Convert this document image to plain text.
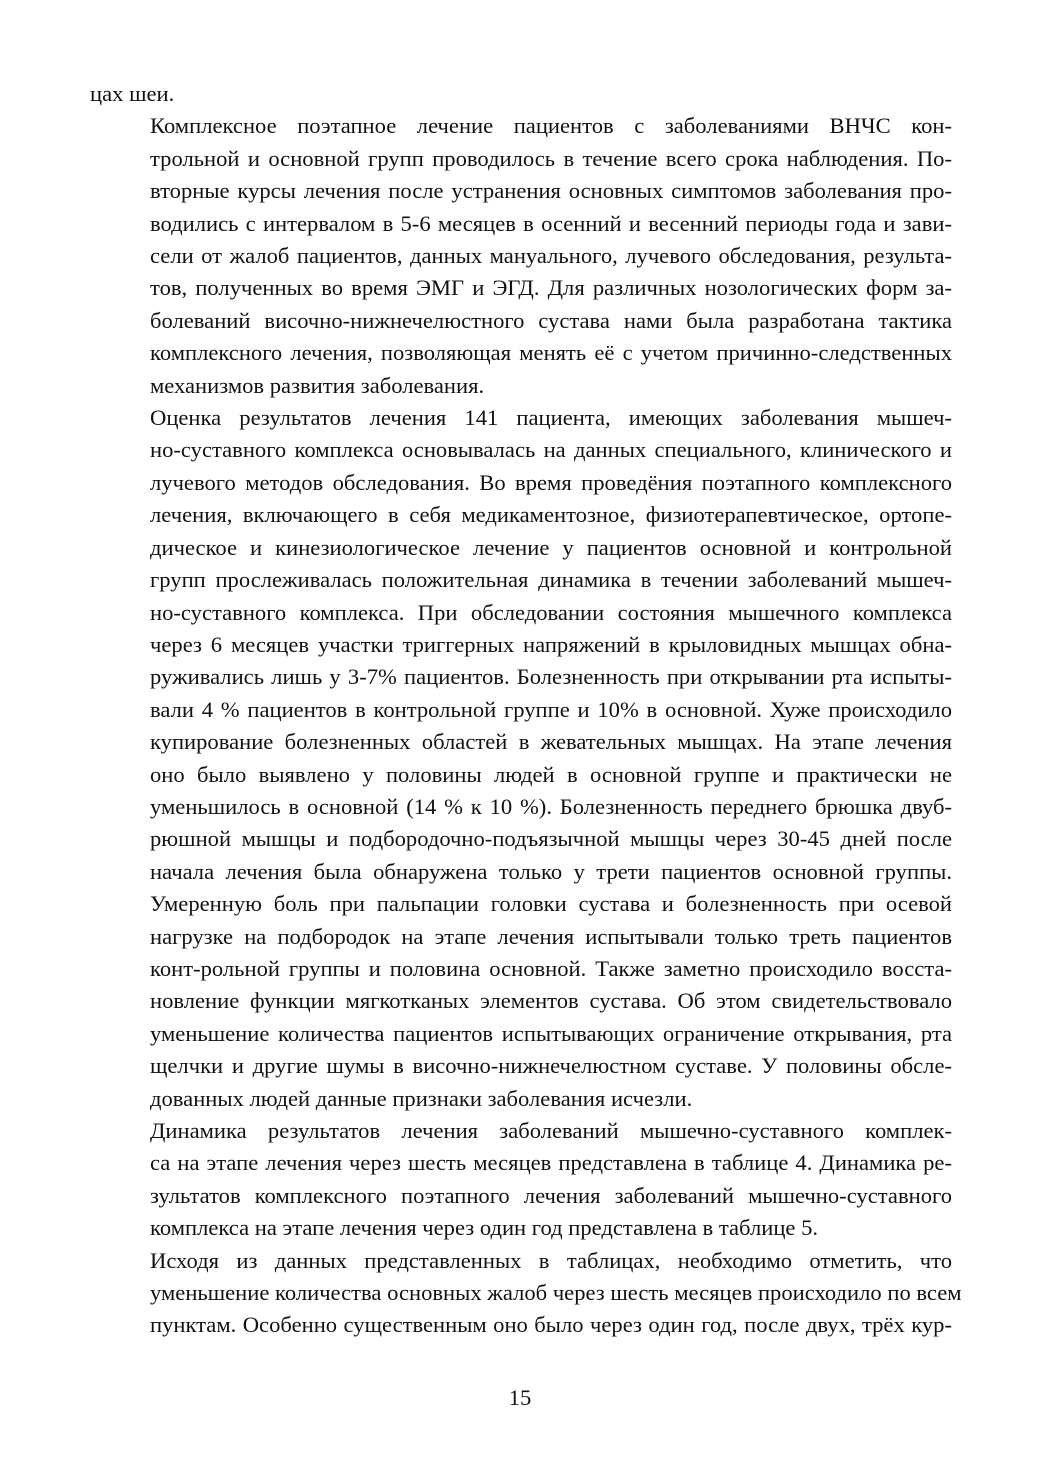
цах шеи.

Комплексное поэтапное лечение пациентов с заболеваниями ВНЧС кон-
трольной и основной групп проводилось в течение всего срока наблюдения. По-
вторные курсы лечения после устранения основных симптомов заболевания про-
водились с интервалом в 5-6 месяцев в осенний и весенний периоды года и зави-
сели от жалоб пациентов, данных мануального, лучевого обследования, результа-
тов, полученных во время ЭМГ и ЭГД. Для различных нозологических форм за-
болеваний височно-нижнечелюстного сустава нами была разработана тактика
комплексного лечения, позволяющая менять её с учетом причинно-следственных
механизмов развития заболевания.

Оценка результатов лечения 141 пациента, имеющих заболевания мышеч-
но-суставного комплекса основывалась на данных специального, клинического и
лучевого методов обследования. Во время проведёния поэтапного комплексного
лечения, включающего в себя медикаментозное, физиотерапевтическое, ортопе-
дическое и кинезиологическое лечение у пациентов основной и контрольной
групп прослеживалась положительная динамика в течении заболеваний мышеч-
но-суставного комплекса. При обследовании состояния мышечного комплекса
через 6 месяцев участки триггерных напряжений в крыловидных мышцах обна-
руживались лишь у 3-7% пациентов. Болезненность при открывании рта испыты-
вали 4 % пациентов в контрольной группе и 10% в основной. Хуже происходило
купирование болезненных областей в жевательных мышцах. На этапе лечения
оно было выявлено у половины людей в основной группе и практически не
уменьшилось в основной (14 % к 10 %). Болезненность переднего брюшка двуб-
рюшной мышцы и подбородочно-подъязычной мышцы через 30-45 дней после
начала лечения была обнаружена только у трети пациентов основной группы.
Умеренную боль при пальпации головки сустава и болезненность при осевой
нагрузке на подбородок на этапе лечения испытывали только треть пациентов
конт-рольной группы и половина основной. Также заметно происходило восста-
новление функции мягкотканых элементов сустава. Об этом свидетельствовало
уменьшение количества пациентов испытывающих ограничение открывания, рта
щелчки и другие шумы в височно-нижнечелюстном суставе. У половины обсле-
дованных людей данные признаки заболевания исчезли.

Динамика результатов лечения заболеваний мышечно-суставного комплек-
са на этапе лечения через шесть месяцев представлена в таблице 4. Динамика ре-
зультатов комплексного поэтапного лечения заболеваний мышечно-суставного
комплекса на этапе лечения через один год представлена в таблице 5.

Исходя из данных представленных в таблицах, необходимо отметить, что
уменьшение количества основных жалоб через шесть месяцев происходило по всем
пунктам. Особенно существенным оно было через один год, после двух, трёх кур-

15
